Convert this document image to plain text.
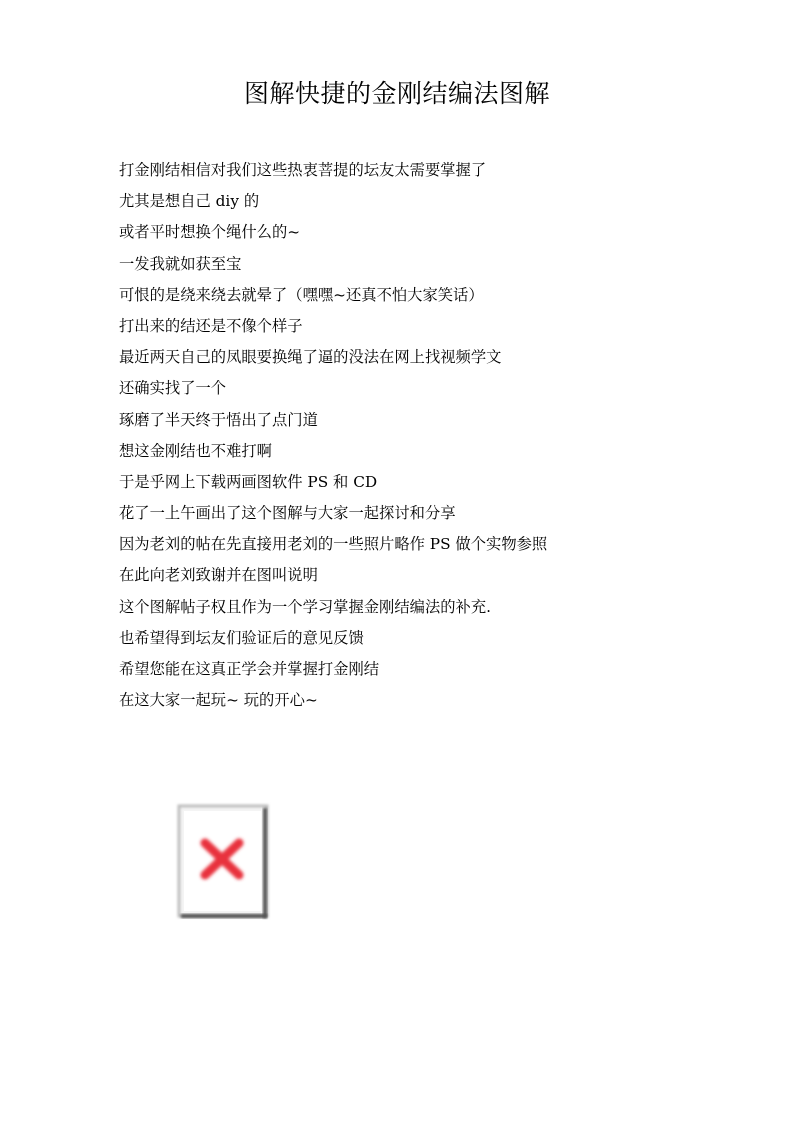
图解快捷的金刚结编法图解
打金刚结相信对我们这些热衷菩提的坛友太需要掌握了
尤其是想自己 diy 的
或者平时想换个绳什么的~
一发我就如获至宝
可恨的是绕来绕去就晕了（嘿嘿~还真不怕大家笑话）
打出来的结还是不像个样子
最近两天自己的凤眼要换绳了逼的没法在网上找视频学文
还确实找了一个
琢磨了半天终于悟出了点门道
想这金刚结也不难打啊
于是乎网上下载两画图软件 PS 和 CD
花了一上午画出了这个图解与大家一起探讨和分享
因为老刘的帖在先直接用老刘的一些照片略作 PS 做个实物参照
在此向老刘致谢并在图叫说明
这个图解帖子权且作为一个学习掌握金刚结编法的补充.
也希望得到坛友们验证后的意见反馈
希望您能在这真正学会并掌握打金刚结
在这大家一起玩~ 玩的开心~
